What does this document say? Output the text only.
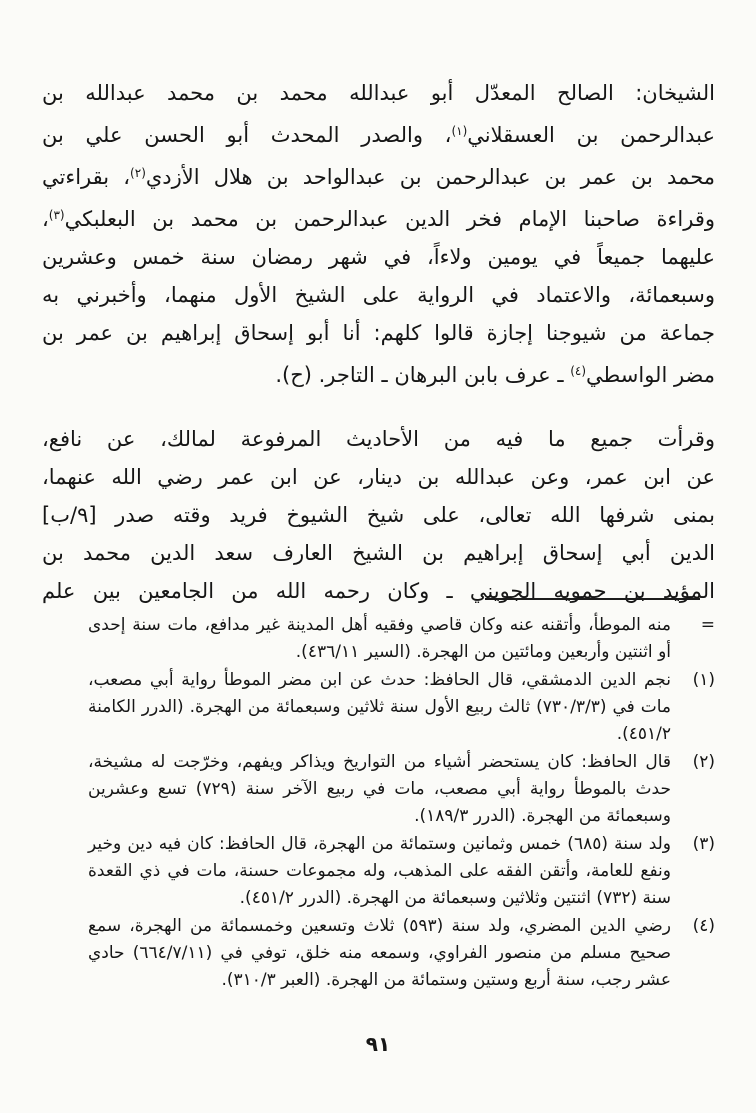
الشيخان: الصالح المعدّل أبو عبدالله محمد بن محمد عبدالله بن
عبدالرحمن بن العسقلاني$^{(١)}$، والصدر المحدث أبو الحسن علي بن
محمد بن عمر بن عبدالرحمن بن عبدالواحد بن هلال الأزدي$^{(٢)}$، بقراءتي
وقراءة صاحبنا الإمام فخر الدين عبدالرحمن بن محمد بن البعلبكي$^{(٣)}$،
عليهما جميعاً في يومين ولاءاً، في شهر رمضان سنة خمس وعشرين
وسبعمائة، والاعتماد في الرواية على الشيخ الأول منهما، وأخبرني به
جماعة من شيوجنا إجازة قالوا كلهم: أنا أبو إسحاق إبراهيم بن عمر بن
مضر الواسطي$^{(٤)}$ ـ عرف بابن البرهان ـ التاجر. (ح).
وقرأت جميع ما فيه من الأحاديث المرفوعة لمالك، عن نافع،
عن ابن عمر، وعن عبدالله بن دينار، عن ابن عمر رضي الله عنهما،
بمنى شرفها الله تعالى، على شيخ الشيوخ فريد وقته صدر [٩/ب]
الدين أبي إسحاق إبراهيم بن الشيخ العارف سعد الدين محمد بن
المؤيد بن حمويه الجويني ـ وكان رحمه الله من الجامعين بين علم
=
منه الموطأ، وأتقنه عنه وكان قاصي وفقيه أهل المدينة غير مدافع، مات سنة إحدى أو اثنتين وأربعين ومائتين من الهجرة. (السير ٤٣٦/١١).
(١)
نجم الدين الدمشقي، قال الحافظ: حدث عن ابن مضر الموطأ رواية أبي مصعب، مات في (٧٣٠/٣/٣) ثالث ربيع الأول سنة ثلاثين وسبعمائة من الهجرة. (الدرر الكامنة ٤٥١/٢).
(٢)
قال الحافظ: كان يستحضر أشياء من التواريخ ويذاكر ويفهم، وخرّجت له مشيخة، حدث بالموطأ رواية أبي مصعب، مات في ربيع الآخر سنة (٧٢٩) تسع وعشرين وسبعمائة من الهجرة. (الدرر ١٨٩/٣).
(٣)
ولد سنة (٦٨٥) خمس وثمانين وستمائة من الهجرة، قال الحافظ: كان فيه دين وخير ونفع للعامة، وأتقن الفقه على المذهب، وله مجموعات حسنة، مات في ذي القعدة سنة (٧٣٢) اثنتين وثلاثين وسبعمائة من الهجرة. (الدرر ٤٥١/٢).
(٤)
رضي الدين المضري، ولد سنة (٥٩٣) ثلاث وتسعين وخمسمائة من الهجرة، سمع صحيح مسلم من منصور الفراوي، وسمعه منه خلق، توفي في (٦٦٤/٧/١١) حادي عشر رجب، سنة أربع وستين وستمائة من الهجرة. (العبر ٣١٠/٣).
٩١
